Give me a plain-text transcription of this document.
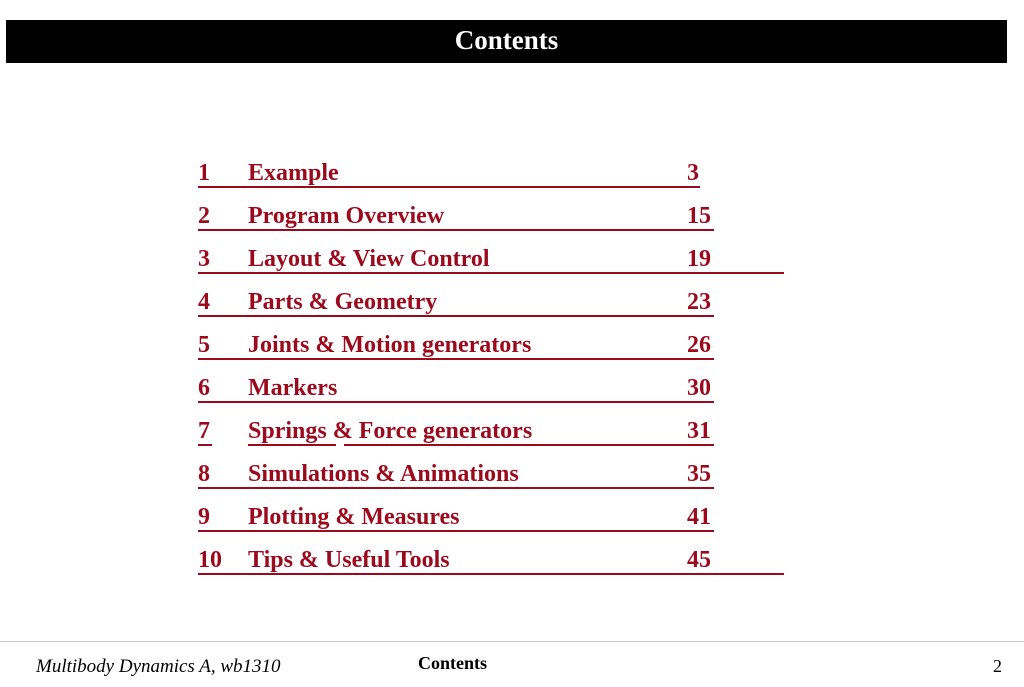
Contents
1 Example	3
2 Program Overview	15
3 Layout & View Control	19
4 Parts & Geometry	23
5 Joints & Motion generators	26
6 Markers	30
7 Springs & Force generators	31
8 Simulations & Animations	35
9 Plotting & Measures	41
10 Tips & Useful Tools	45
Multibody Dynamics A, wb1310	Contents	2
